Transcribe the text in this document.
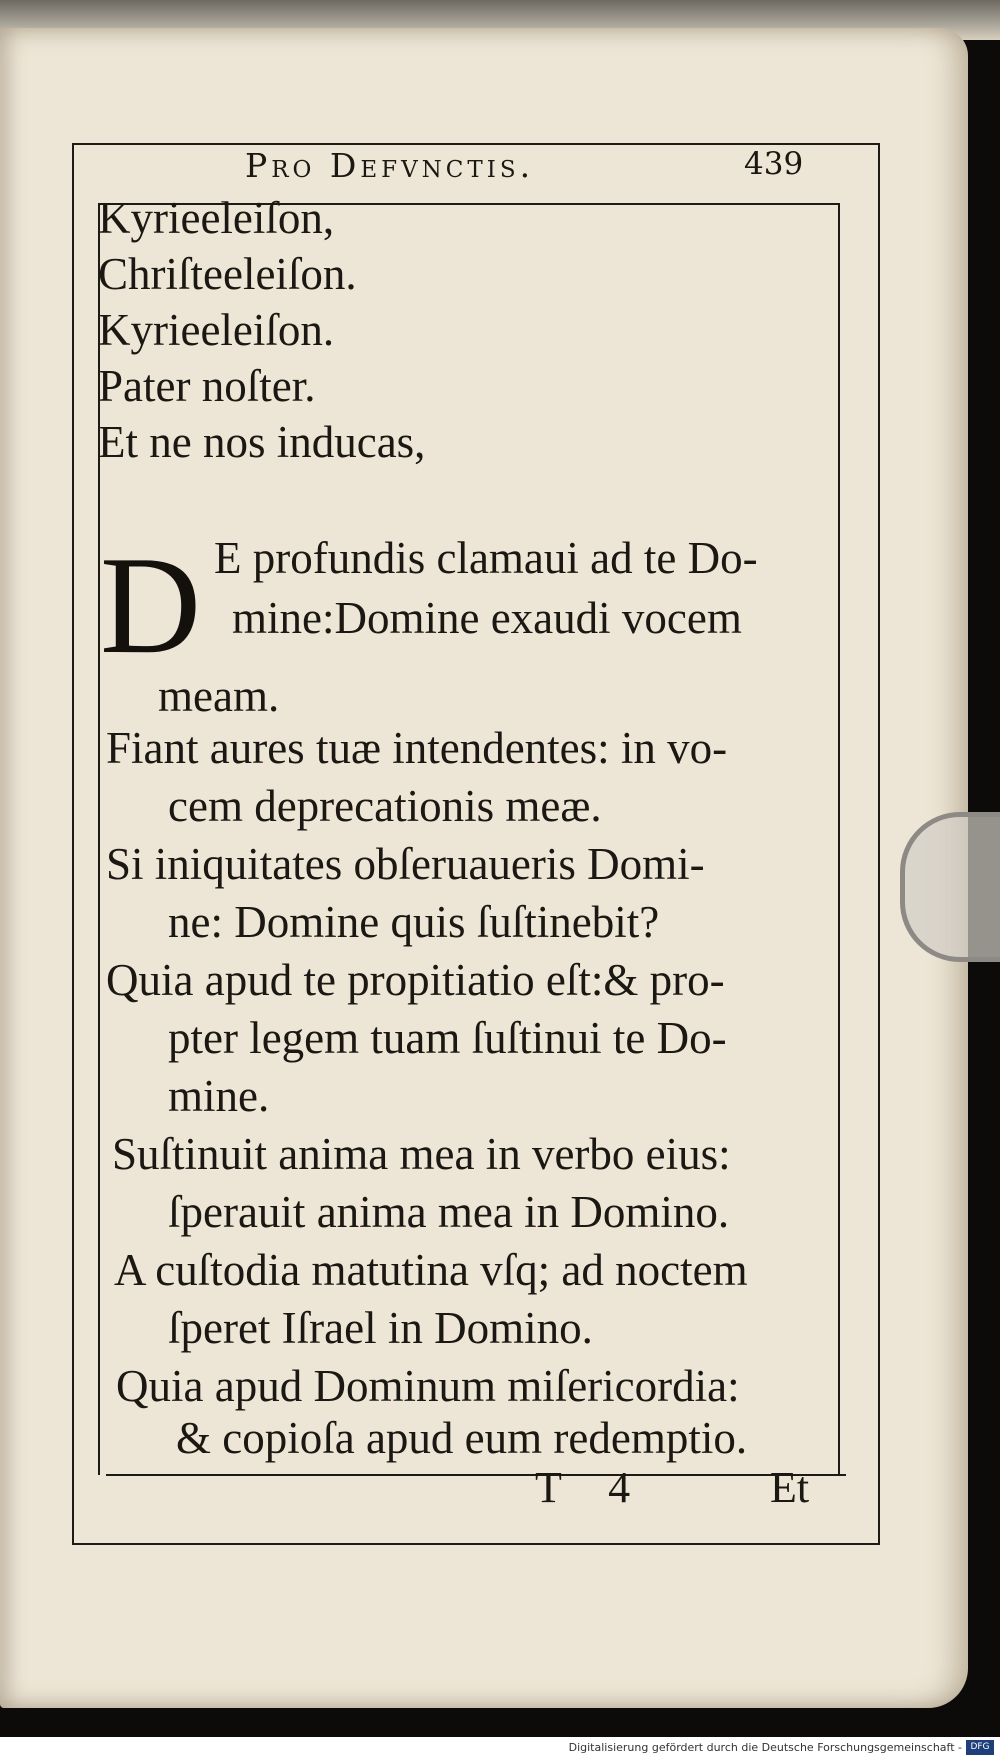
Pro Defvnctis.	439
Kyrieeleiſon,
Chriſteeleiſon.
Kyrieeleiſon.
Pater noſter.
Et ne nos inducas,
D E profundis clamaui ad te Do-
mine:Domine exaudi vocem
meam.
Fiant aures tuæ intendentes: in vo-
cem deprecationis meæ.
Si iniquitates obſeruaueris Domi-
ne: Domine quis ſuſtinebit?
Quia apud te propitiatio eſt:& pro-
pter legem tuam ſuſtinui te Do-
mine.
Suſtinuit anima mea in verbo eius:
ſperauit anima mea in Domino.
A cuſtodia matutina vſq; ad noctem
ſperet Iſrael in Domino.
Quia apud Dominum miſericordia:
& copioſa apud eum redemptio.
T 4	Et
Digitalisierung gefördert durch die Deutsche Forschungsgemeinschaft - DFG
